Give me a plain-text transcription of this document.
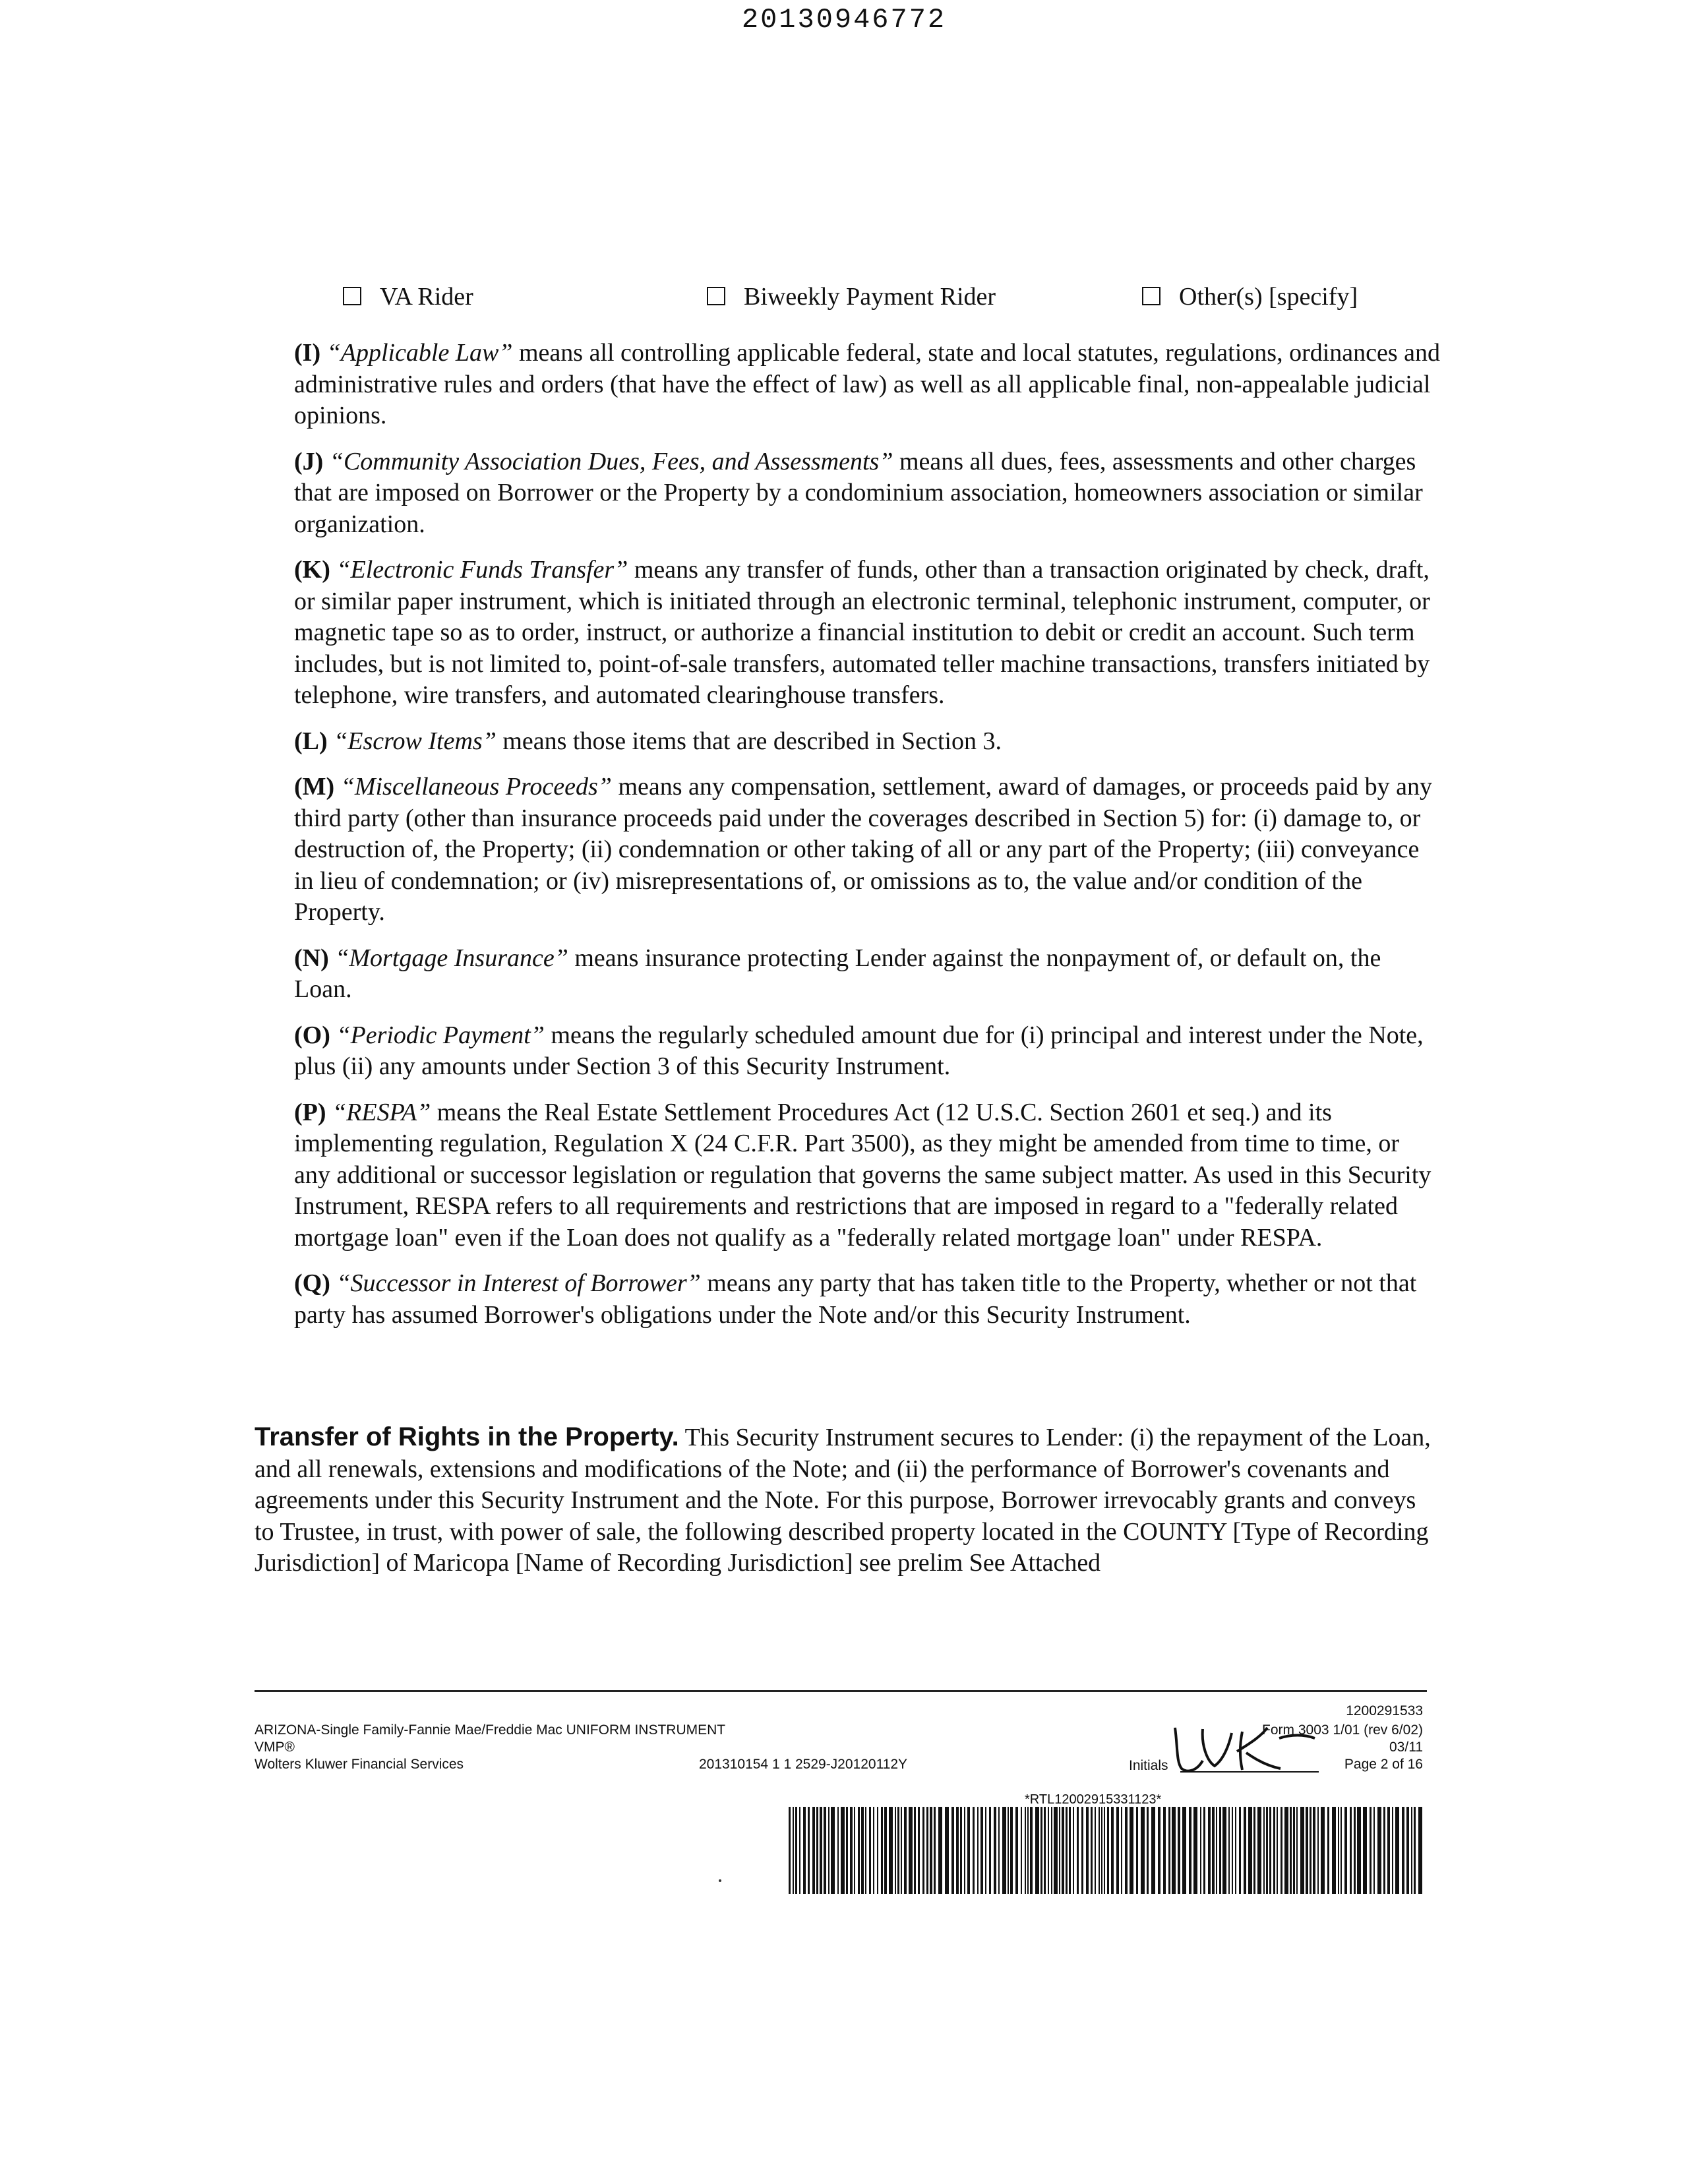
20130946772
VA Rider	Biweekly Payment Rider	Other(s) [specify]

(I) “Applicable Law” means all controlling applicable federal, state and local statutes, regulations, ordinances and administrative rules and orders (that have the effect of law) as well as all applicable final, non-appealable judicial opinions.

(J) “Community Association Dues, Fees, and Assessments” means all dues, fees, assessments and other charges that are imposed on Borrower or the Property by a condominium association, homeowners association or similar organization.

(K) “Electronic Funds Transfer” means any transfer of funds, other than a transaction originated by check, draft, or similar paper instrument, which is initiated through an electronic terminal, telephonic instrument, computer, or magnetic tape so as to order, instruct, or authorize a financial institution to debit or credit an account. Such term includes, but is not limited to, point-of-sale transfers, automated teller machine transactions, transfers initiated by telephone, wire transfers, and automated clearinghouse transfers.

(L) “Escrow Items” means those items that are described in Section 3.

(M) “Miscellaneous Proceeds” means any compensation, settlement, award of damages, or proceeds paid by any third party (other than insurance proceeds paid under the coverages described in Section 5) for: (i) damage to, or destruction of, the Property; (ii) condemnation or other taking of all or any part of the Property; (iii) conveyance in lieu of condemnation; or (iv) misrepresentations of, or omissions as to, the value and/or condition of the Property.

(N) “Mortgage Insurance” means insurance protecting Lender against the nonpayment of, or default on, the Loan.

(O) “Periodic Payment” means the regularly scheduled amount due for (i) principal and interest under the Note, plus (ii) any amounts under Section 3 of this Security Instrument.

(P) “RESPA” means the Real Estate Settlement Procedures Act (12 U.S.C. Section 2601 et seq.) and its implementing regulation, Regulation X (24 C.F.R. Part 3500), as they might be amended from time to time, or any additional or successor legislation or regulation that governs the same subject matter. As used in this Security Instrument, RESPA refers to all requirements and restrictions that are imposed in regard to a "federally related mortgage loan" even if the Loan does not qualify as a "federally related mortgage loan" under RESPA.

(Q) “Successor in Interest of Borrower” means any party that has taken title to the Property, whether or not that party has assumed Borrower's obligations under the Note and/or this Security Instrument.

Transfer of Rights in the Property. This Security Instrument secures to Lender: (i) the repayment of the Loan, and all renewals, extensions and modifications of the Note; and (ii) the performance of Borrower's covenants and agreements under this Security Instrument and the Note. For this purpose, Borrower irrevocably grants and conveys to Trustee, in trust, with power of sale, the following described property located in the COUNTY [Type of Recording Jurisdiction] of Maricopa [Name of Recording Jurisdiction] see prelim See Attached
1200291533
ARIZONA-Single Family-Fannie Mae/Freddie Mac UNIFORM INSTRUMENT	Form 3003 1/01 (rev 6/02)
VMP®	03/11
Wolters Kluwer Financial Services	201310154 1 1 2529-J20120112Y	Initials	Page 2 of 16
*RTL12002915331123*
